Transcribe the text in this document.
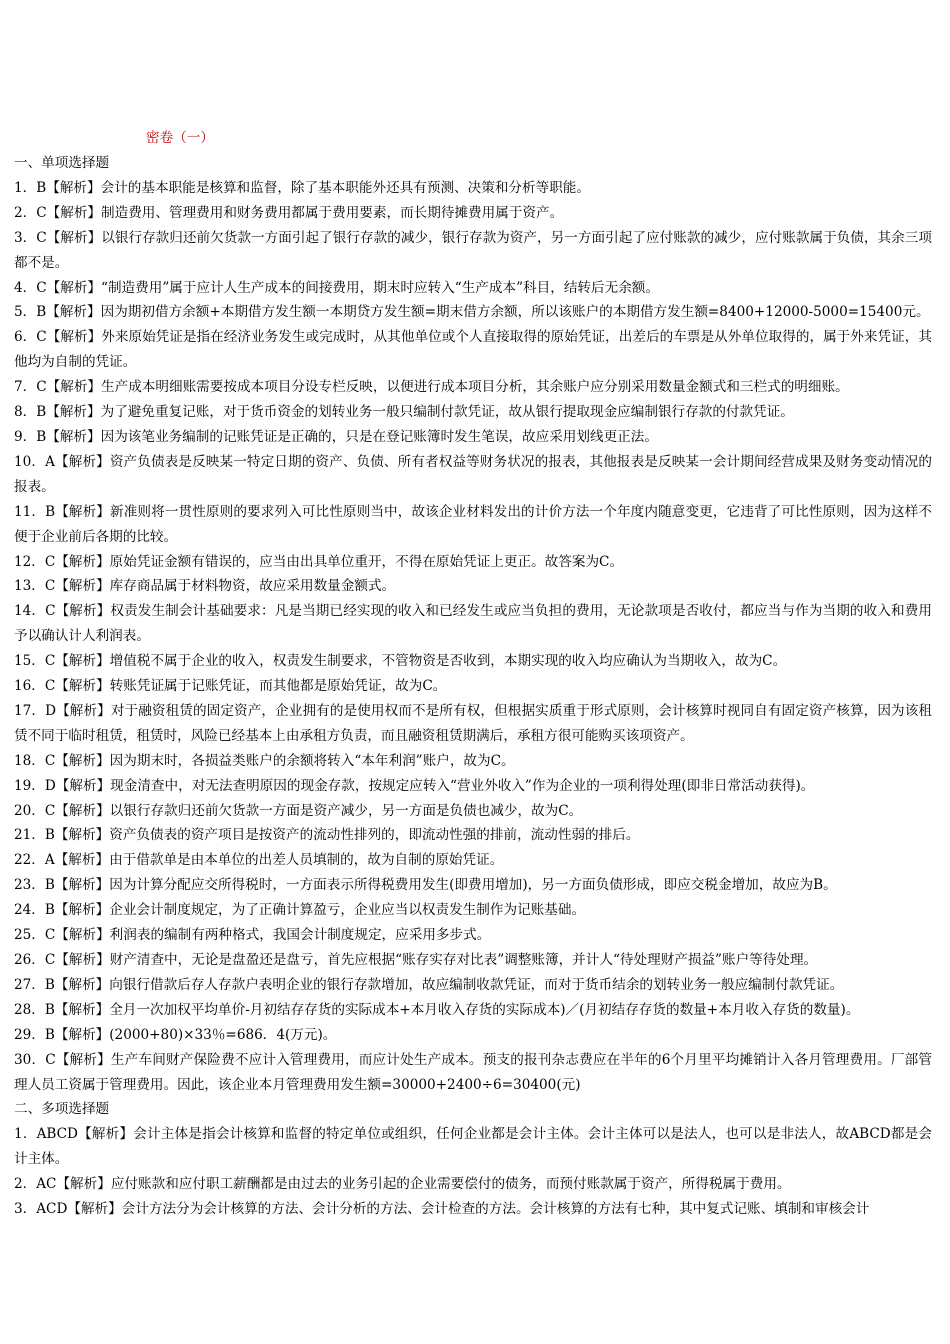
密卷（一）
一、单项选择题
1．B【解析】会计的基本职能是核算和监督，除了基本职能外还具有预测、决策和分析等职能。
2．C【解析】制造费用、管理费用和财务费用都属于费用要素，而长期待摊费用属于资产。
3．C【解析】以银行存款归还前欠货款一方面引起了银行存款的减少，银行存款为资产，另一方面引起了应付账款的减少，应付账款属于负债，其余三项都不是。
4．C【解析】“制造费用”属于应计人生产成本的间接费用，期末时应转入“生产成本”科目，结转后无余额。
5．B【解析】因为期初借方余额+本期借方发生额一本期贷方发生额=期末借方余额，所以该账户的本期借方发生额=8400+12000-5000=15400元。
6．C【解析】外来原始凭证是指在经济业务发生或完成时，从其他单位或个人直接取得的原始凭证，出差后的车票是从外单位取得的，属于外来凭证，其他均为自制的凭证。
7．C【解析】生产成本明细账需要按成本项目分设专栏反映，以便进行成本项目分析，其余账户应分别采用数量金额式和三栏式的明细账。
8．B【解析】为了避免重复记账，对于货币资金的划转业务一般只编制付款凭证，故从银行提取现金应编制银行存款的付款凭证。
9．B【解析】因为该笔业务编制的记账凭证是正确的，只是在登记账簿时发生笔误，故应采用划线更正法。
10．A【解析】资产负债表是反映某一特定日期的资产、负债、所有者权益等财务状况的报表，其他报表是反映某一会计期间经营成果及财务变动情况的报表。
11．B【解析】新准则将一贯性原则的要求列入可比性原则当中，故该企业材料发出的计价方法一个年度内随意变更，它违背了可比性原则，因为这样不便于企业前后各期的比较。
12．C【解析】原始凭证金额有错误的，应当由出具单位重开，不得在原始凭证上更正。故答案为C。
13．C【解析】库存商品属于材料物资，故应采用数量金额式。
14．C【解析】权责发生制会计基础要求：凡是当期已经实现的收入和已经发生或应当负担的费用，无论款项是否收付，都应当与作为当期的收入和费用予以确认计人利润表。
15．C【解析】增值税不属于企业的收入，权责发生制要求，不管物资是否收到，本期实现的收入均应确认为当期收入，故为C。
16．C【解析】转账凭证属于记账凭证，而其他都是原始凭证，故为C。
17．D【解析】对于融资租赁的固定资产，企业拥有的是使用权而不是所有权，但根据实质重于形式原则，会计核算时视同自有固定资产核算，因为该租赁不同于临时租赁，租赁时，风险已经基本上由承租方负责，而且融资租赁期满后，承租方很可能购买该项资产。
18．C【解析】因为期末时，各损益类账户的余额将转入“本年利润”账户，故为C。
19．D【解析】现金清查中，对无法查明原因的现金存款，按规定应转入“营业外收入”作为企业的一项利得处理(即非日常活动获得)。
20．C【解析】以银行存款归还前欠货款一方面是资产减少，另一方面是负债也减少，故为C。
21．B【解析】资产负债表的资产项目是按资产的流动性排列的，即流动性强的排前，流动性弱的排后。
22．A【解析】由于借款单是由本单位的出差人员填制的，故为自制的原始凭证。
23．B【解析】因为计算分配应交所得税时，一方面表示所得税费用发生(即费用增加)，另一方面负债形成，即应交税金增加，故应为B。
24．B【解析】企业会计制度规定，为了正确计算盈亏，企业应当以权责发生制作为记账基础。
25．C【解析】利润表的编制有两种格式，我国会计制度规定，应采用多步式。
26．C【解析】财产清查中，无论是盘盈还是盘亏，首先应根据“账存实存对比表”调整账簿，并计人“待处理财产损益”账户等待处理。
27．B【解析】向银行借款后存人存款户表明企业的银行存款增加，故应编制收款凭证，而对于货币结余的划转业务一般应编制付款凭证。
28．B【解析】全月一次加权平均单价-月初结存存货的实际成本+本月收入存货的实际成本)／(月初结存存货的数量+本月收入存货的数量)。
29．B【解析】(2000+80)×33％=686．4(万元)。
30．C【解析】生产车间财产保险费不应计入管理费用，而应计处生产成本。预支的报刊杂志费应在半年的6个月里平均摊销计入各月管理费用。厂部管理人员工资属于管理费用。因此，该企业本月管理费用发生额=30000+2400÷6=30400(元)
二、多项选择题
1．ABCD【解析】会计主体是指会计核算和监督的特定单位或组织，任何企业都是会计主体。会计主体可以是法人，也可以是非法人，故ABCD都是会计主体。
2．AC【解析】应付账款和应付职工薪酬都是由过去的业务引起的企业需要偿付的债务，而预付账款属于资产，所得税属于费用。
3．ACD【解析】会计方法分为会计核算的方法、会计分析的方法、会计检查的方法。会计核算的方法有七种，其中复式记账、填制和审核会计
